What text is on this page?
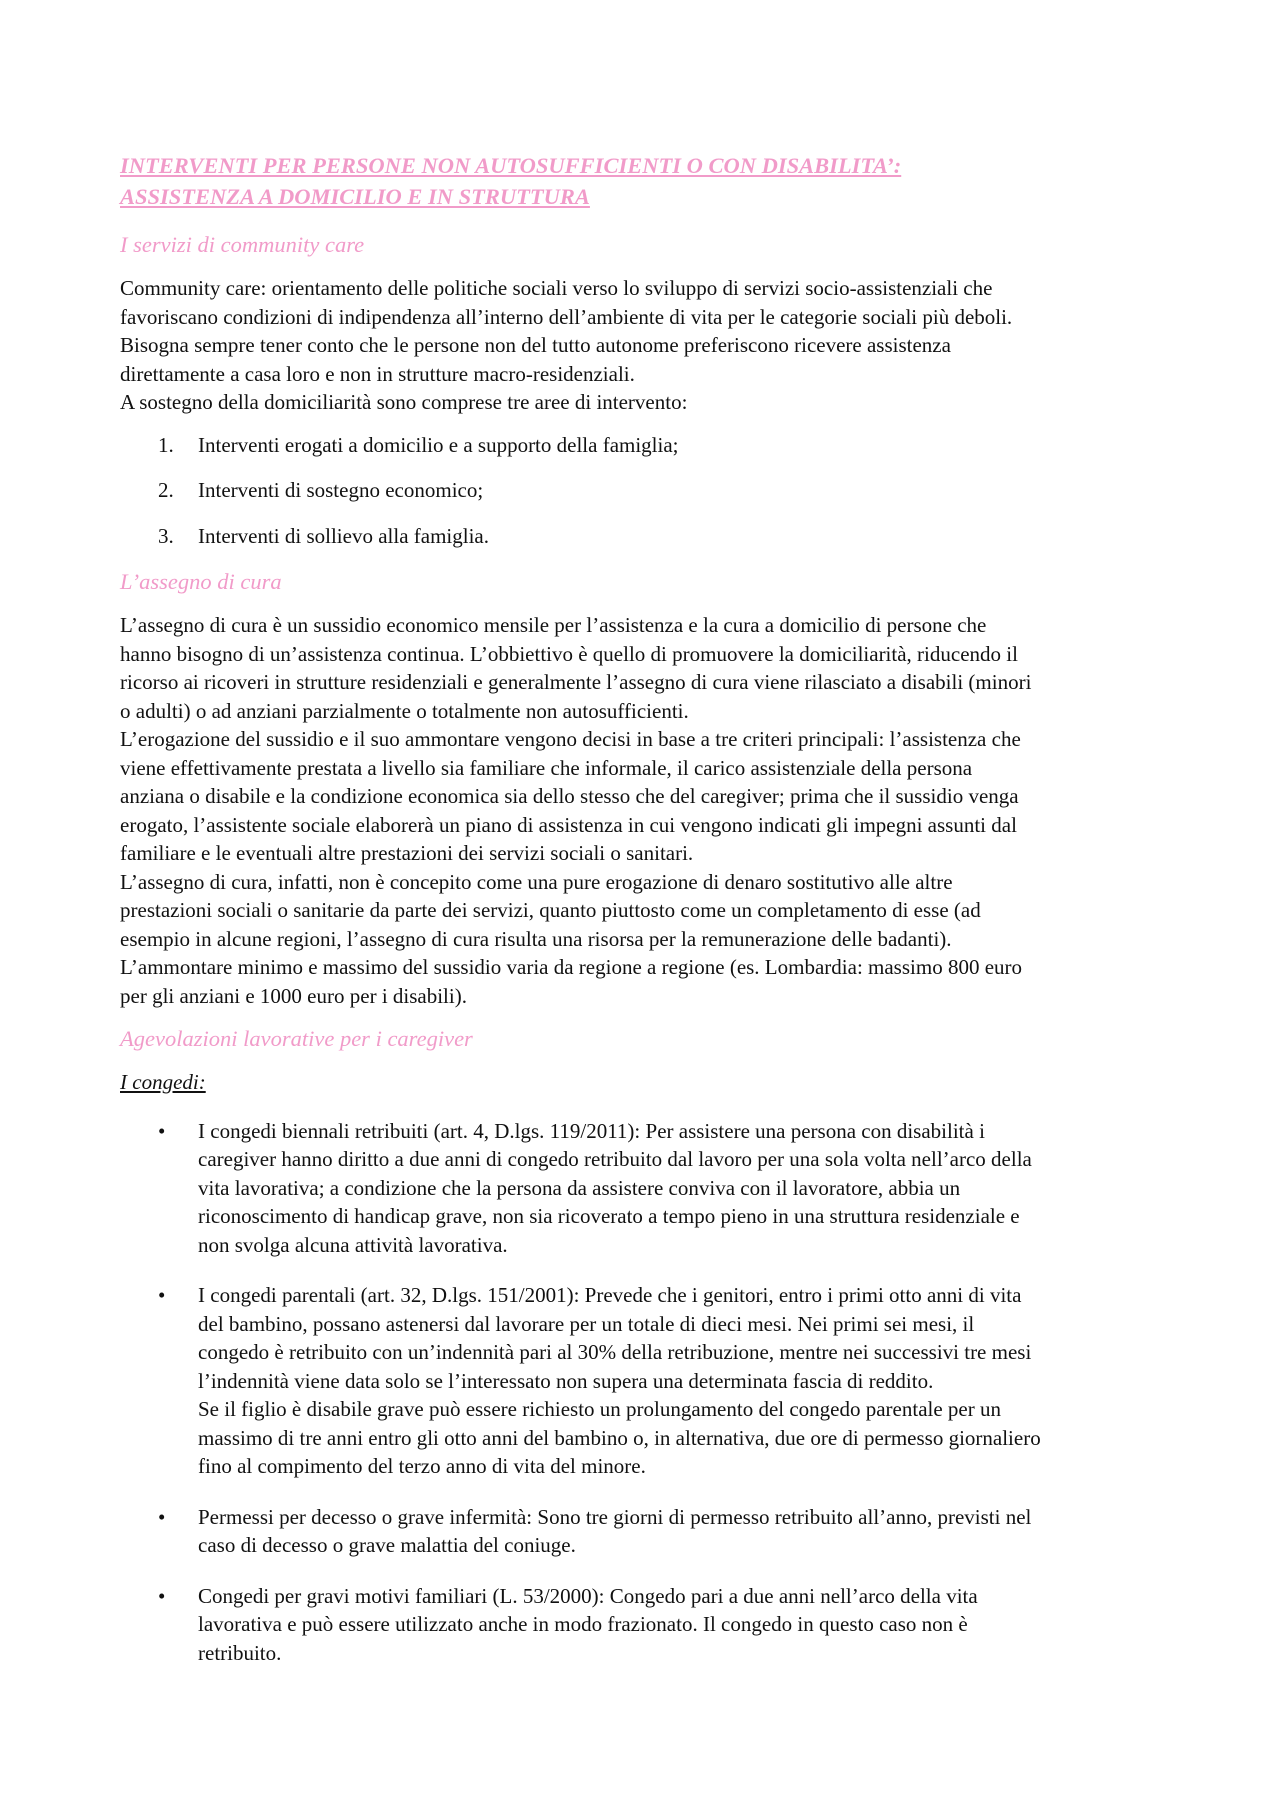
INTERVENTI PER PERSONE NON AUTOSUFFICIENTI O CON DISABILITA’:
ASSISTENZA A DOMICILIO E IN STRUTTURA
I servizi di community care
Community care: orientamento delle politiche sociali verso lo sviluppo di servizi socio-assistenziali che
favoriscano condizioni di indipendenza all’interno dell’ambiente di vita per le categorie sociali più deboli.
Bisogna sempre tener conto che le persone non del tutto autonome preferiscono ricevere assistenza
direttamente a casa loro e non in strutture macro-residenziali.
A sostegno della domiciliarità sono comprese tre aree di intervento:
1. Interventi erogati a domicilio e a supporto della famiglia;
2. Interventi di sostegno economico;
3. Interventi di sollievo alla famiglia.
L’assegno di cura
L’assegno di cura è un sussidio economico mensile per l’assistenza e la cura a domicilio di persone che
hanno bisogno di un’assistenza continua. L’obbiettivo è quello di promuovere la domiciliarità, riducendo il
ricorso ai ricoveri in strutture residenziali e generalmente l’assegno di cura viene rilasciato a disabili (minori
o adulti) o ad anziani parzialmente o totalmente non autosufficienti.
L’erogazione del sussidio e il suo ammontare vengono decisi in base a tre criteri principali: l’assistenza che
viene effettivamente prestata a livello sia familiare che informale, il carico assistenziale della persona
anziana o disabile e la condizione economica sia dello stesso che del caregiver; prima che il sussidio venga
erogato, l’assistente sociale elaborerà un piano di assistenza in cui vengono indicati gli impegni assunti dal
familiare e le eventuali altre prestazioni dei servizi sociali o sanitari.
L’assegno di cura, infatti, non è concepito come una pure erogazione di denaro sostitutivo alle altre
prestazioni sociali o sanitarie da parte dei servizi, quanto piuttosto come un completamento di esse (ad
esempio in alcune regioni, l’assegno di cura risulta una risorsa per la remunerazione delle badanti).
L’ammontare minimo e massimo del sussidio varia da regione a regione (es. Lombardia: massimo 800 euro
per gli anziani e 1000 euro per i disabili).
Agevolazioni lavorative per i caregiver
I congedi:
• I congedi biennali retribuiti (art. 4, D.lgs. 119/2011): Per assistere una persona con disabilità i
caregiver hanno diritto a due anni di congedo retribuito dal lavoro per una sola volta nell’arco della
vita lavorativa; a condizione che la persona da assistere conviva con il lavoratore, abbia un
riconoscimento di handicap grave, non sia ricoverato a tempo pieno in una struttura residenziale e
non svolga alcuna attività lavorativa.
• I congedi parentali (art. 32, D.lgs. 151/2001): Prevede che i genitori, entro i primi otto anni di vita
del bambino, possano astenersi dal lavorare per un totale di dieci mesi. Nei primi sei mesi, il
congedo è retribuito con un’indennità pari al 30% della retribuzione, mentre nei successivi tre mesi
l’indennità viene data solo se l’interessato non supera una determinata fascia di reddito.
Se il figlio è disabile grave può essere richiesto un prolungamento del congedo parentale per un
massimo di tre anni entro gli otto anni del bambino o, in alternativa, due ore di permesso giornaliero
fino al compimento del terzo anno di vita del minore.
• Permessi per decesso o grave infermità: Sono tre giorni di permesso retribuito all’anno, previsti nel
caso di decesso o grave malattia del coniuge.
• Congedi per gravi motivi familiari (L. 53/2000): Congedo pari a due anni nell’arco della vita
lavorativa e può essere utilizzato anche in modo frazionato. Il congedo in questo caso non è
retribuito.
